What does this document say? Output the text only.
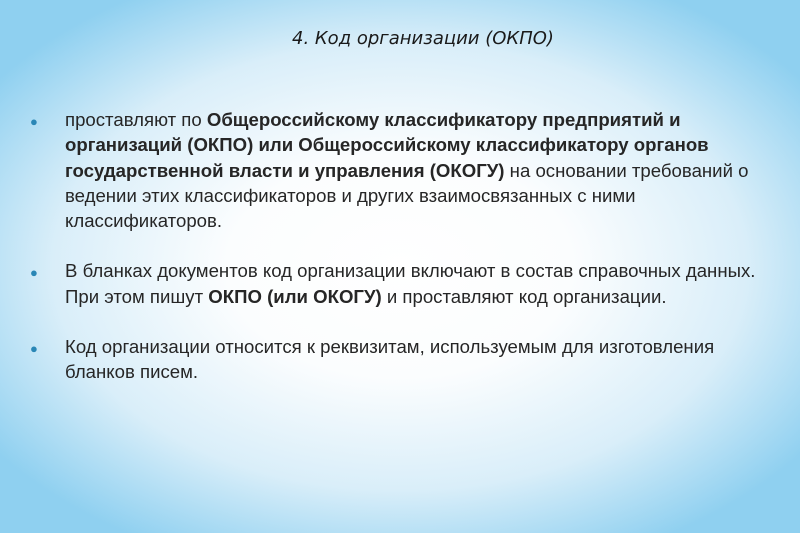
4. Код организации (ОКПО)
● проставляют по Общероссийскому классификатору предприятий и организаций (ОКПО) или Общероссийскому классификатору органов государственной власти и управления (ОКОГУ) на основании требований о ведении этих классификаторов и других взаимосвязанных с ними классификаторов.
● В бланках документов код организации включают в состав справочных данных. При этом пишут ОКПО (или ОКОГУ) и проставляют код организации.
● Код организации относится к реквизитам, используемым для изготовления бланков писем.
